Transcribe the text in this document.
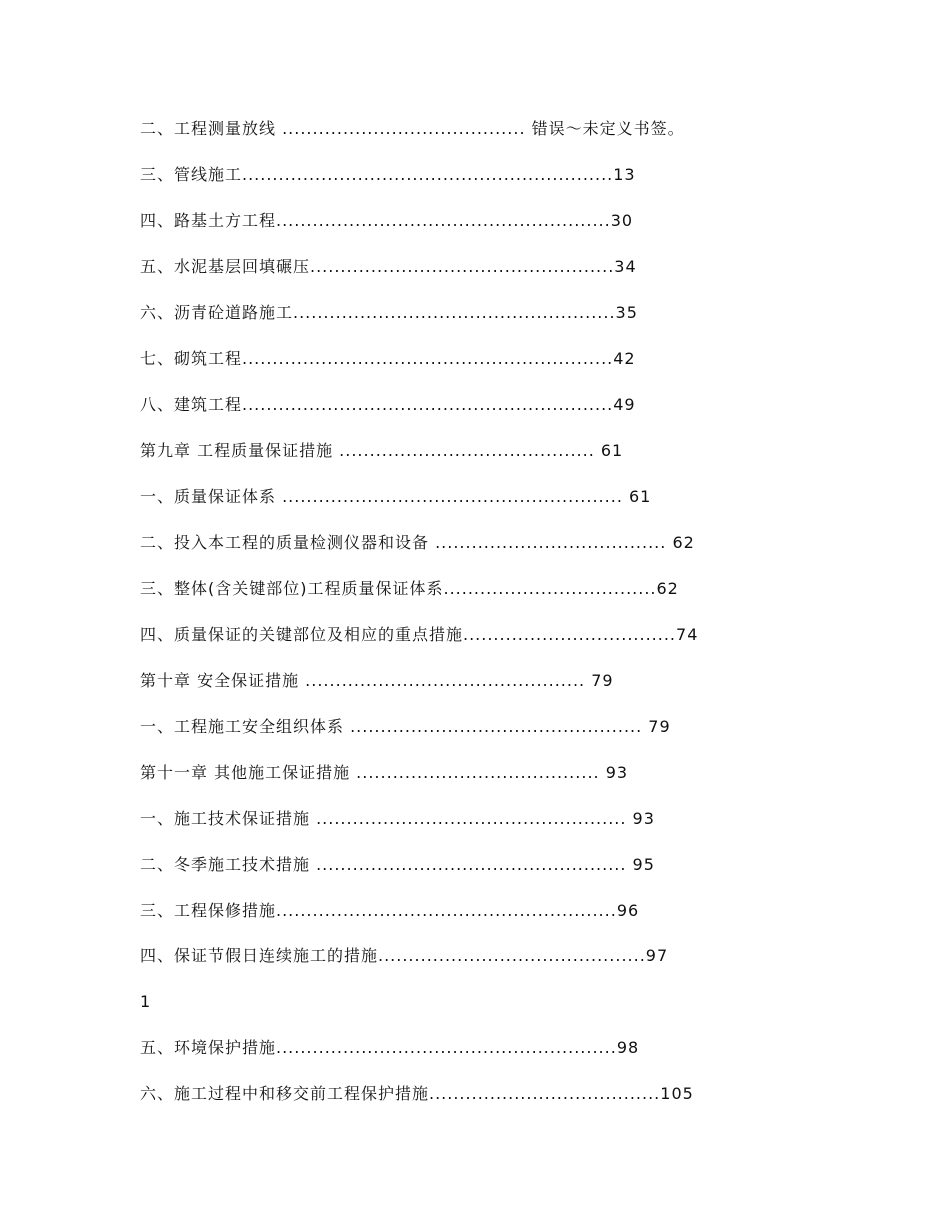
二、工程测量放线 ........................................ 错误～未定义书签。
三、管线施工.............................................................13
四、路基土方工程.......................................................30
五、水泥基层回填碾压..................................................34
六、沥青砼道路施工.....................................................35
七、砌筑工程.............................................................42
八、建筑工程.............................................................49
第九章 工程质量保证措施 .......................................... 61
一、质量保证体系 ........................................................ 61
二、投入本工程的质量检测仪器和设备 ...................................... 62
三、整体(含关键部位)工程质量保证体系...................................62
四、质量保证的关键部位及相应的重点措施...................................74
第十章 安全保证措施 .............................................. 79
一、工程施工安全组织体系 ................................................ 79
第十一章 其他施工保证措施 ........................................ 93
一、施工技术保证措施 ................................................... 93
二、冬季施工技术措施 ................................................... 95
三、工程保修措施........................................................96
四、保证节假日连续施工的措施............................................97
1
五、环境保护措施........................................................98
六、施工过程中和移交前工程保护措施......................................105
